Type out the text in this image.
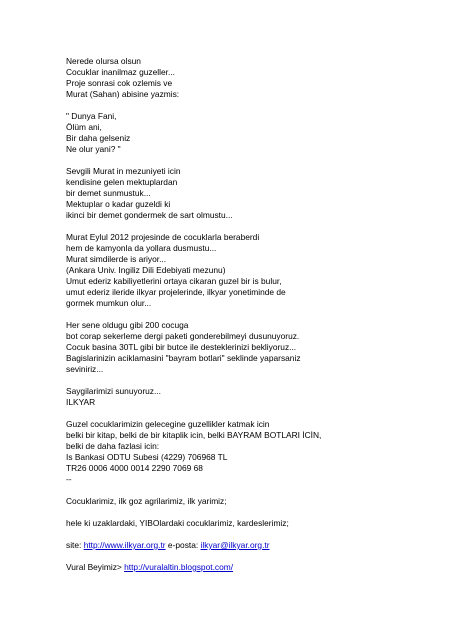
Nerede olursa olsun
Cocuklar inanilmaz guzeller...
Proje sonrasi cok ozlemis ve
Murat (Sahan) abisine yazmis:
" Dunya Fani,
Ölüm ani,
Bir daha gelseniz
Ne olur yani? "
Sevgili Murat in mezuniyeti icin
kendisine gelen mektuplardan
bir demet sunmustuk...
Mektuplar o kadar guzeldi ki
ikinci bir demet gondermek de sart olmustu...
Murat Eylul 2012 projesinde de cocuklarla beraberdi
hem de kamyonla da yollara dusmustu...
Murat simdilerde is ariyor...
(Ankara Univ. Ingiliz Dili Edebiyati mezunu)
Umut ederiz kabiliyetlerini ortaya cikaran guzel bir is bulur,
umut ederiz ileride ilkyar projelerinde, ilkyar yonetiminde de
gormek mumkun olur...
Her sene oldugu gibi 200 cocuga
bot corap sekerleme dergi paketi gonderebilmeyi dusunuyoruz.
Cocuk basina 30TL gibi bir butce ile desteklerinizi bekliyoruz...
Bagislarinizin aciklamasini "bayram botlari" seklinde yaparsaniz
seviniriz...
Saygilarimizi sunuyoruz...
ILKYAR
Guzel cocuklarimizin gelecegine guzellikler katmak icin
belki bir kitap, belki de bir kitaplik icin, belki BAYRAM BOTLARI İCİN,
belki de daha fazlasi icin:
Is Bankasi ODTU Subesi (4229) 706968 TL
TR26 0006 4000 0014 2290 7069 68
--
Cocuklarimiz, ilk goz agrilarimiz, ilk yarimiz;
hele ki uzaklardaki, YIBOlardaki cocuklarimiz, kardeslerimiz;
site: http://www.ilkyar.org.tr e-posta: ilkyar@ilkyar.org.tr
Vural Beyimiz> http://vuralaltin.blogspot.com/
